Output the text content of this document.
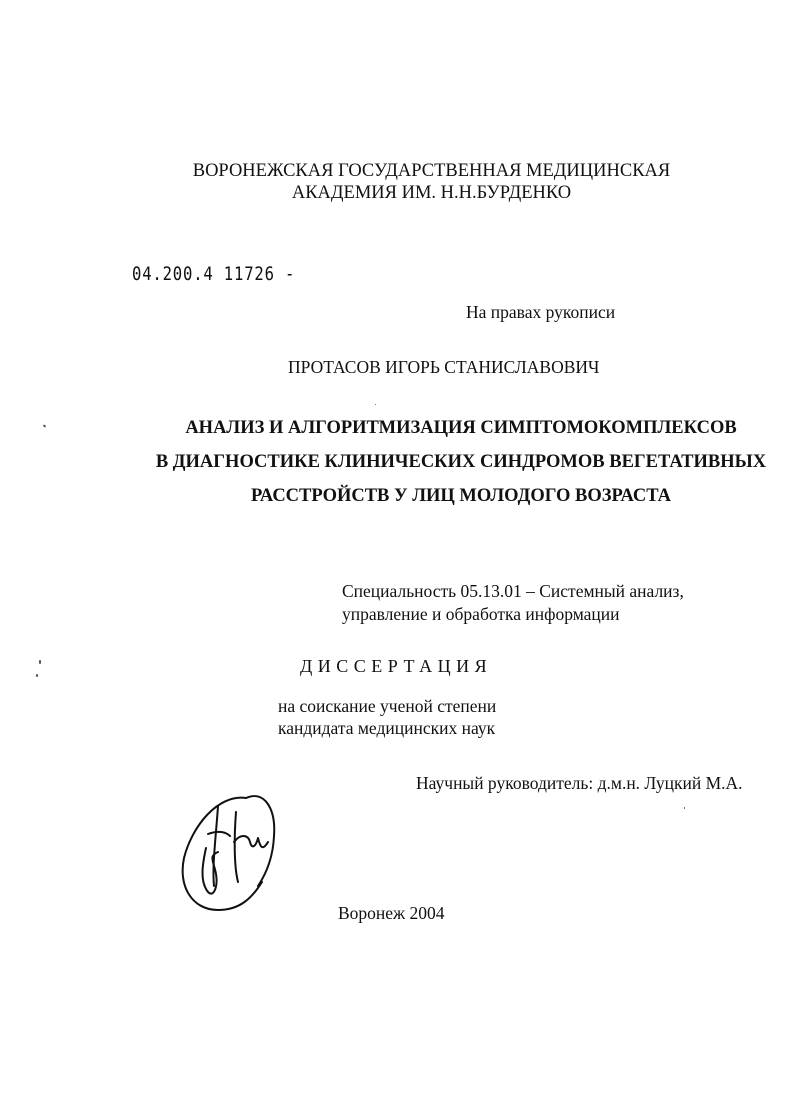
ВОРОНЕЖСКАЯ ГОСУДАРСТВЕННАЯ МЕДИЦИНСКАЯ
АКАДЕМИЯ ИМ. Н.Н.БУРДЕНКО
04.200.4 11726 -
На правах рукописи
ПРОТАСОВ ИГОРЬ СТАНИСЛАВОВИЧ
АНАЛИЗ И АЛГОРИТМИЗАЦИЯ СИМПТОМОКОМПЛЕКСОВ
В ДИАГНОСТИКЕ КЛИНИЧЕСКИХ СИНДРОМОВ ВЕГЕТАТИВНЫХ
РАССТРОЙСТВ У ЛИЦ МОЛОДОГО ВОЗРАСТА
Специальность 05.13.01 – Системный анализ,
управление и обработка информации
ДИССЕРТАЦИЯ
на соискание ученой степени
кандидата медицинских наук
Научный руководитель: д.м.н. Луцкий М.А.
Воронеж 2004
